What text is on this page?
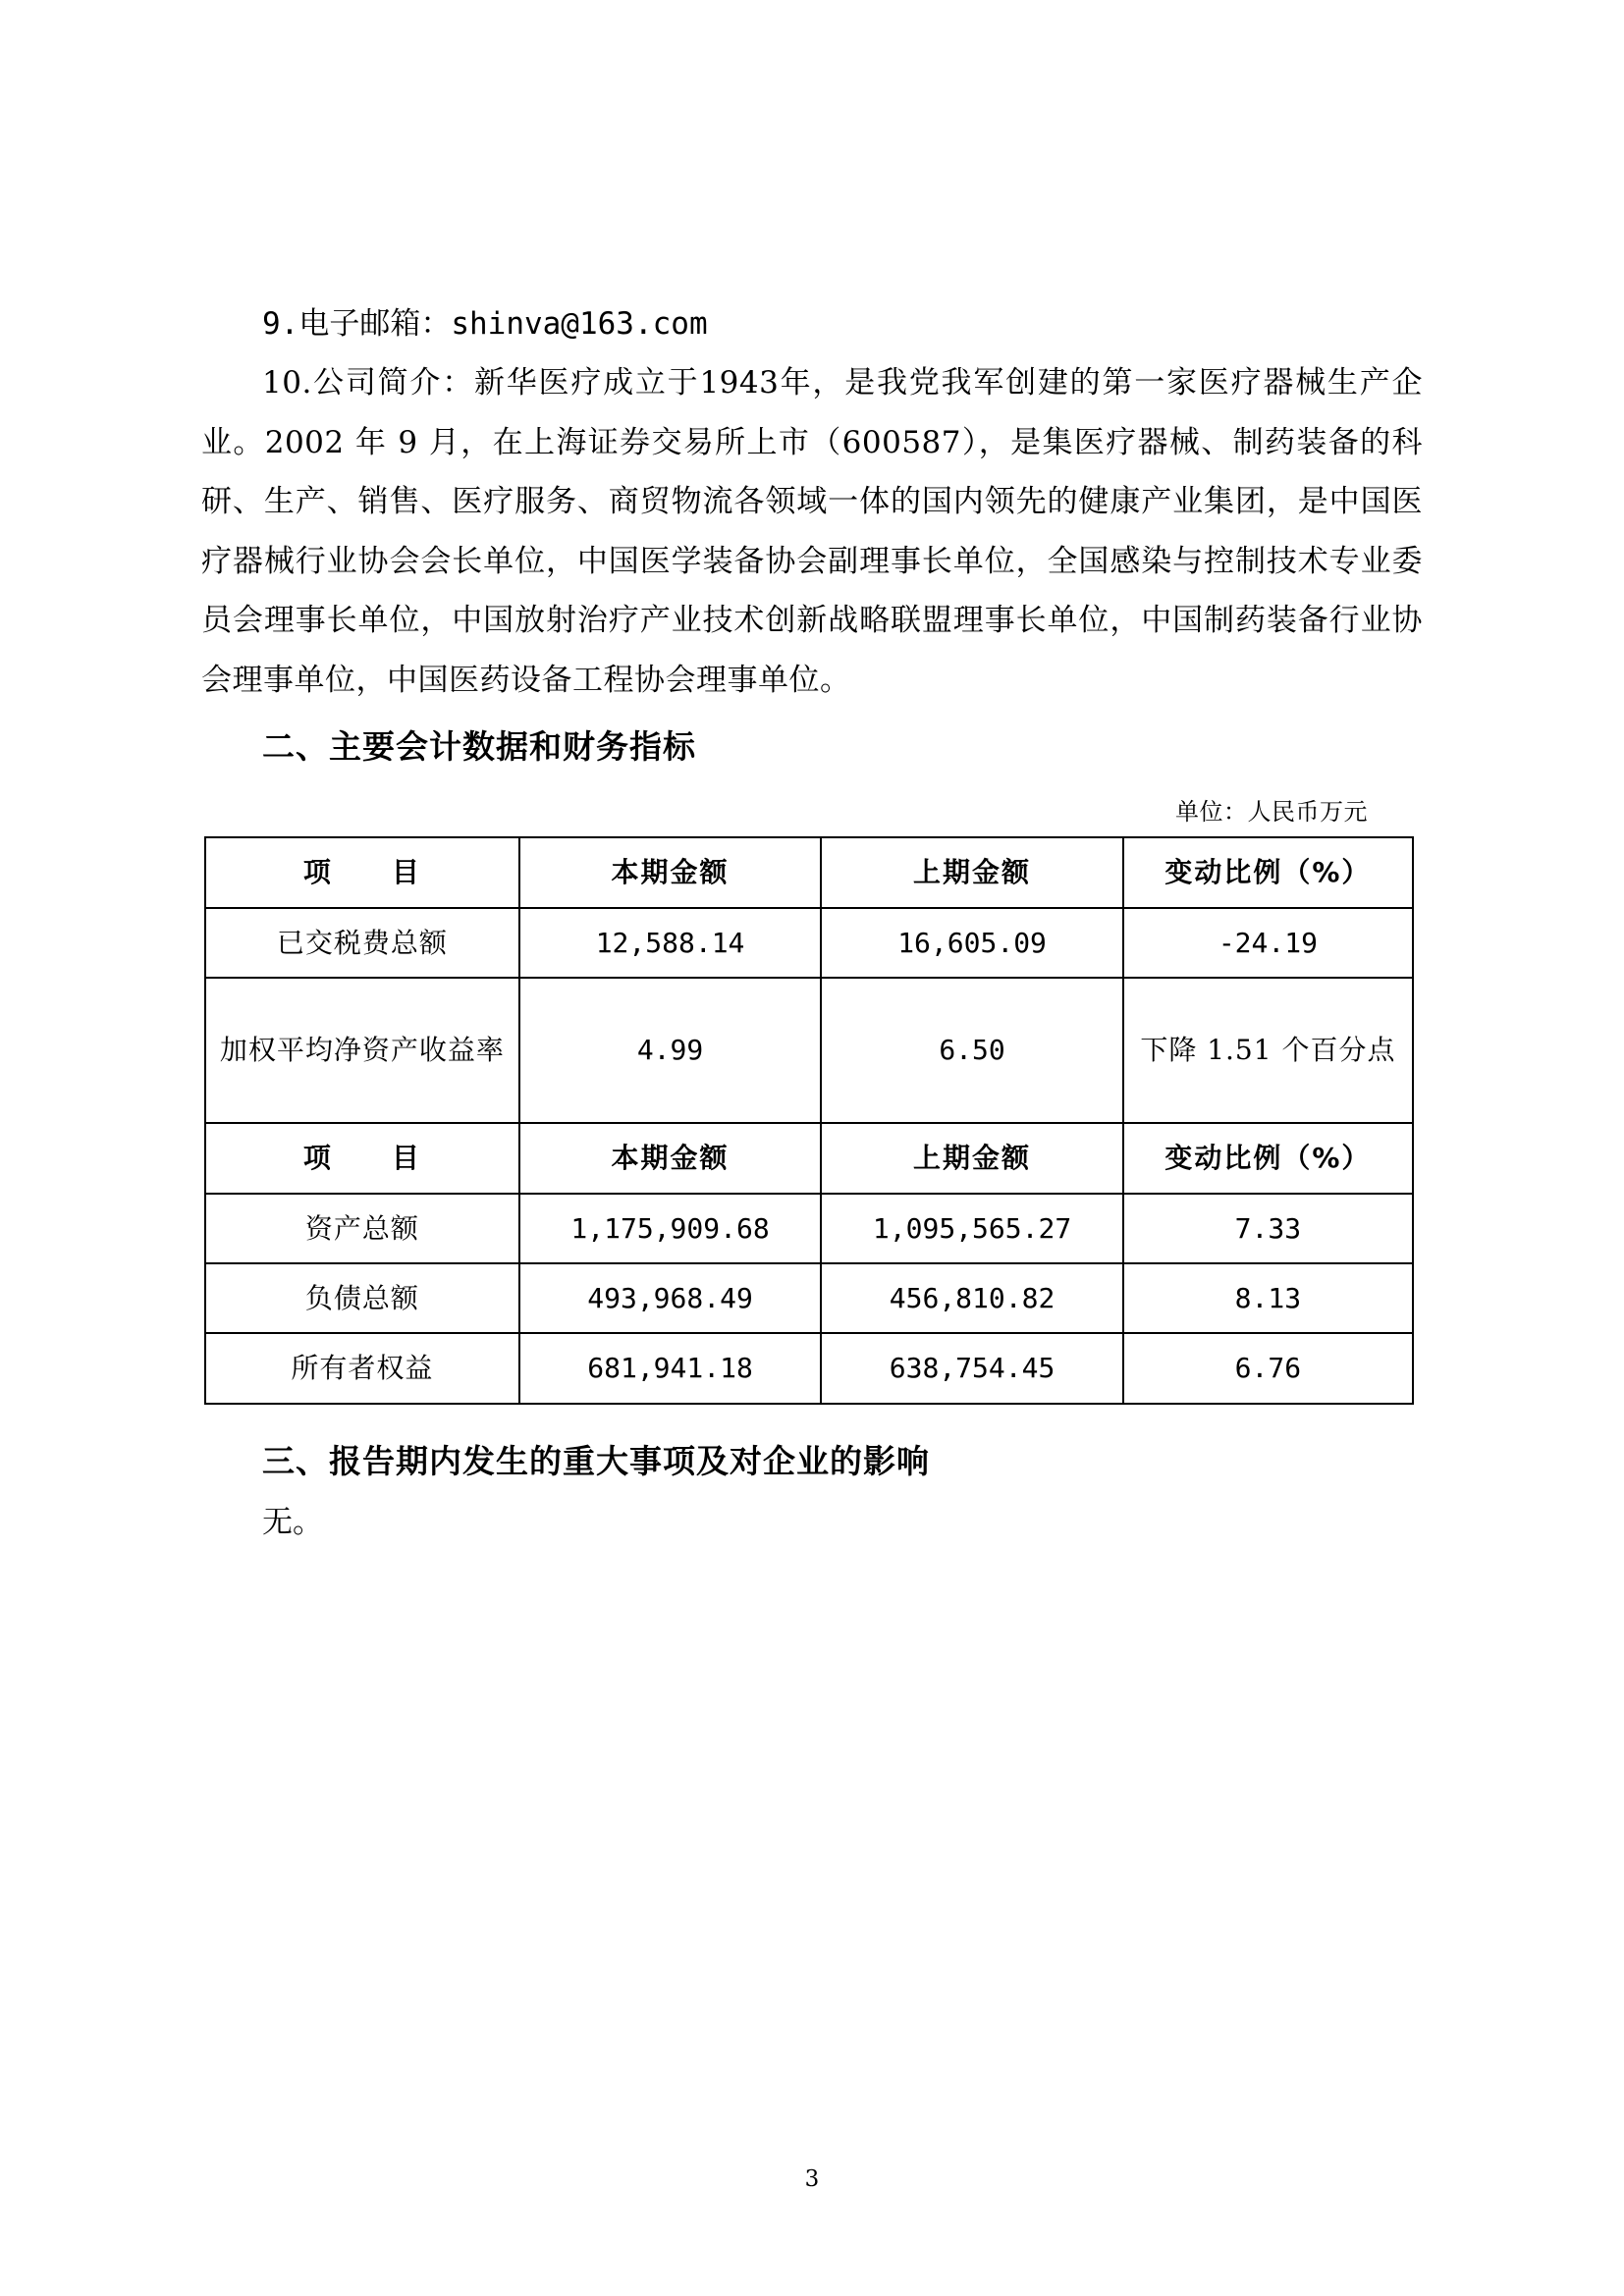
9.电子邮箱：shinva@163.com

10.公司简介：新华医疗成立于1943年，是我党我军创建的第一家医疗器械生产企业。2002 年 9 月，在上海证券交易所上市（600587），是集医疗器械、制药装备的科研、生产、销售、医疗服务、商贸物流各领域一体的国内领先的健康产业集团，是中国医疗器械行业协会会长单位，中国医学装备协会副理事长单位，全国感染与控制技术专业委员会理事长单位，中国放射治疗产业技术创新战略联盟理事长单位，中国制药装备行业协会理事单位，中国医药设备工程协会理事单位。

二、主要会计数据和财务指标
单位：人民币万元
项　　目	本期金额	上期金额	变动比例（%）
已交税费总额	12,588.14	16,605.09	-24.19
加权平均净资产收益率	4.99	6.50	下降 1.51 个百分点
项　　目	本期金额	上期金额	变动比例（%）
资产总额	1,175,909.68	1,095,565.27	7.33
负债总额	493,968.49	456,810.82	8.13
所有者权益	681,941.18	638,754.45	6.76
三、报告期内发生的重大事项及对企业的影响

无。

3
